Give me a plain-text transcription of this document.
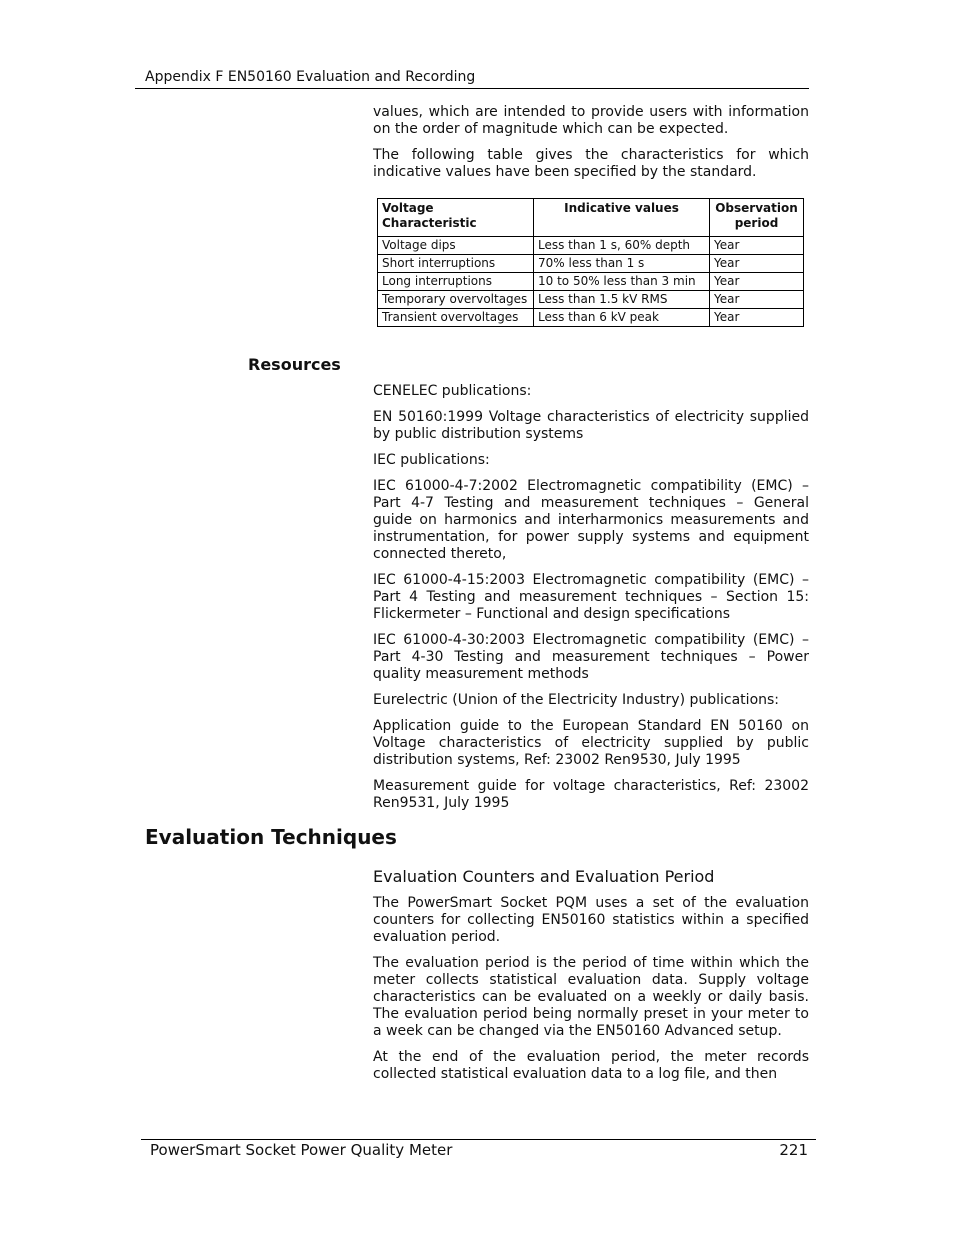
Appendix F EN50160 Evaluation and Recording

values, which are intended to provide users with information on the order of magnitude which can be expected.

The following table gives the characteristics for which indicative values have been specified by the standard.

Voltage Characteristic	Indicative values	Observation period
Voltage dips	Less than 1 s, 60% depth	Year
Short interruptions	70% less than 1 s	Year
Long interruptions	10 to 50% less than 3 min	Year
Temporary overvoltages	Less than 1.5 kV RMS	Year
Transient overvoltages	Less than 6 kV peak	Year
Resources

CENELEC publications:

EN 50160:1999 Voltage characteristics of electricity supplied by public distribution systems

IEC publications:

IEC 61000-4-7:2002 Electromagnetic compatibility (EMC) – Part 4-7 Testing and measurement techniques – General guide on harmonics and interharmonics measurements and instrumentation, for power supply systems and equipment connected thereto,

IEC 61000-4-15:2003 Electromagnetic compatibility (EMC) – Part 4 Testing and measurement techniques – Section 15: Flickermeter – Functional and design specifications

IEC 61000-4-30:2003 Electromagnetic compatibility (EMC) – Part 4-30 Testing and measurement techniques – Power quality measurement methods

Eurelectric (Union of the Electricity Industry) publications:

Application guide to the European Standard EN 50160 on Voltage characteristics of electricity supplied by public distribution systems, Ref: 23002 Ren9530, July 1995

Measurement guide for voltage characteristics, Ref: 23002 Ren9531, July 1995

Evaluation Techniques
Evaluation Counters and Evaluation Period

The PowerSmart Socket PQM uses a set of the evaluation counters for collecting EN50160 statistics within a specified evaluation period.

The evaluation period is the period of time within which the meter collects statistical evaluation data. Supply voltage characteristics can be evaluated on a weekly or daily basis. The evaluation period being normally preset in your meter to a week can be changed via the EN50160 Advanced setup.

At the end of the evaluation period, the meter records collected statistical evaluation data to a log file, and then

PowerSmart Socket Power Quality Meter	221
